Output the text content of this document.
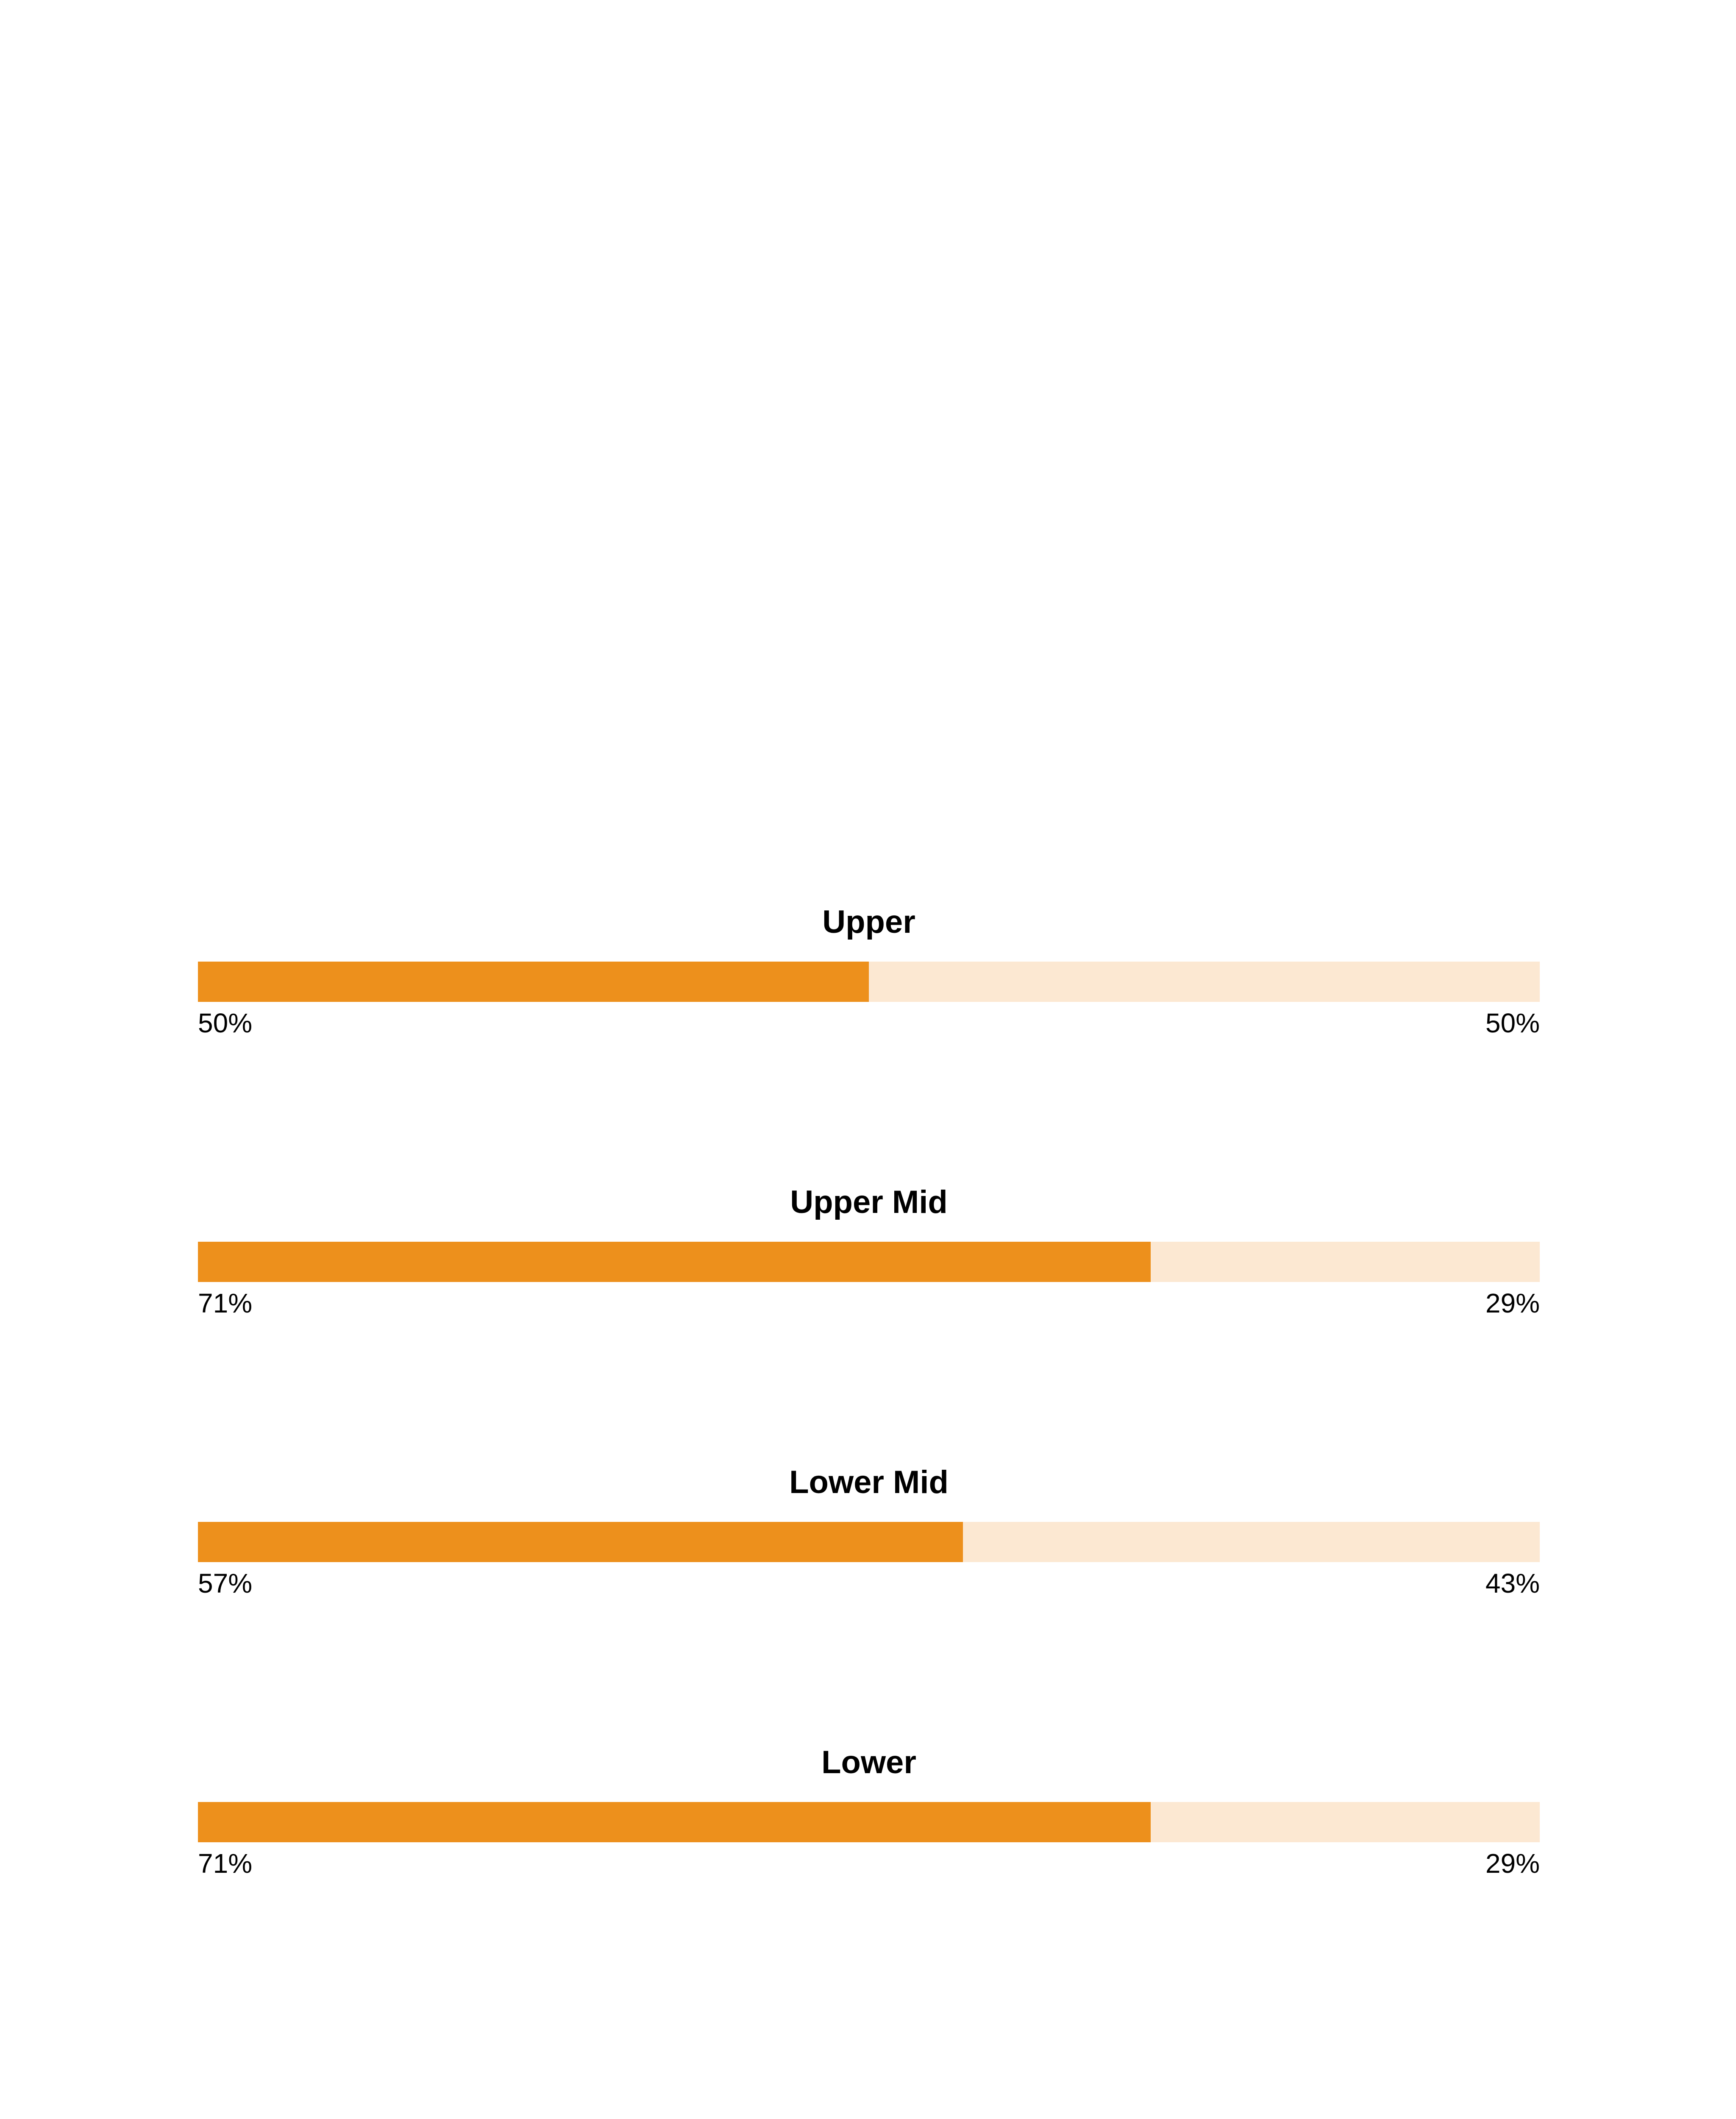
Upper
50%	50%
Upper Mid
71%	29%
Lower Mid
57%	43%
Lower
71%	29%
